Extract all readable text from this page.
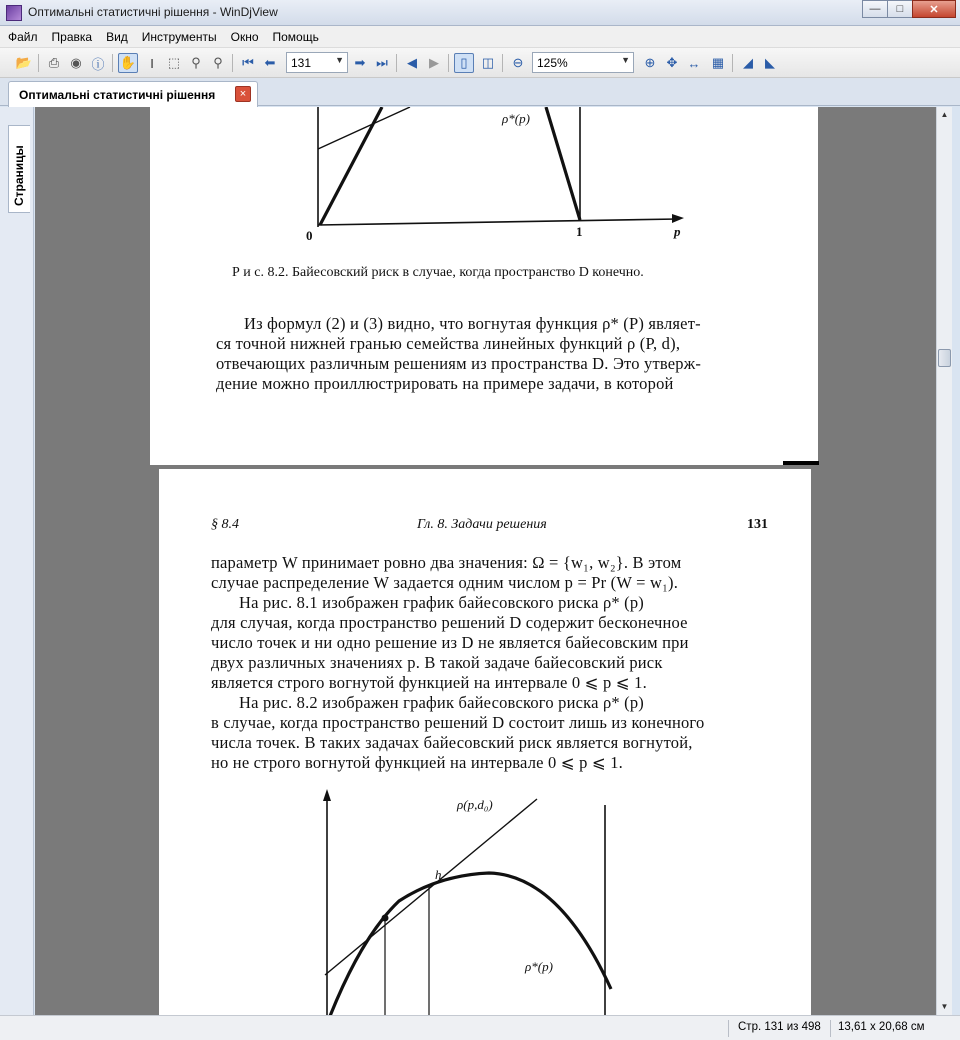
Оптимальні статистичні рішення - WinDjView	— □ ✕
Файл Правка Вид Инструменты Окно Помощь
📂	⎙ ◉ ⓘ ✋	I	⬚ ⚲ ⚲	⏮ ⬅	131	▼ ➡ ⏭	◀ ▶	▯	◫	⊖	125%	▼	⊕ ✥ ↔ ▦	◢ ◣
Оптимальні статистичні рішення	×
Страницы
ρ*(p)
0	1	p
Р и с. 8.2. Байесовский риск в случае, когда пространство D конечно.
Из формул (2) и (3) видно, что вогнутая функция ρ* (P) являет-
ся точной нижней гранью семейства линейных функций ρ (P, d),
отвечающих различным решениям из пространства D. Это утверж-
дение можно проиллюстрировать на примере задачи, в которой
§ 8.4	Гл. 8. Задачи решения	131
параметр W принимает ровно два значения: Ω = {w₁, w₂}. В этом
случае распределение W задается одним числом p = Pr (W = w₁).
На рис. 8.1 изображен график байесовского риска ρ* (p)
для случая, когда пространство решений D содержит бесконечное
число точек и ни одно решение из D не является байесовским при
двух различных значениях p. В такой задаче байесовский риск
является строго вогнутой функцией на интервале 0 ⩽ p ⩽ 1.
На рис. 8.2 изображен график байесовского риска ρ* (p)
в случае, когда пространство решений D состоит лишь из конечного
числа точек. В таких задачах байесовский риск является вогнутой,
но не строго вогнутой функцией на интервале 0 ⩽ p ⩽ 1.
ρ(p,d₀)
h
ρ*(p)
▲
▼
Стр. 131 из 498 13,61 x 20,68 см
